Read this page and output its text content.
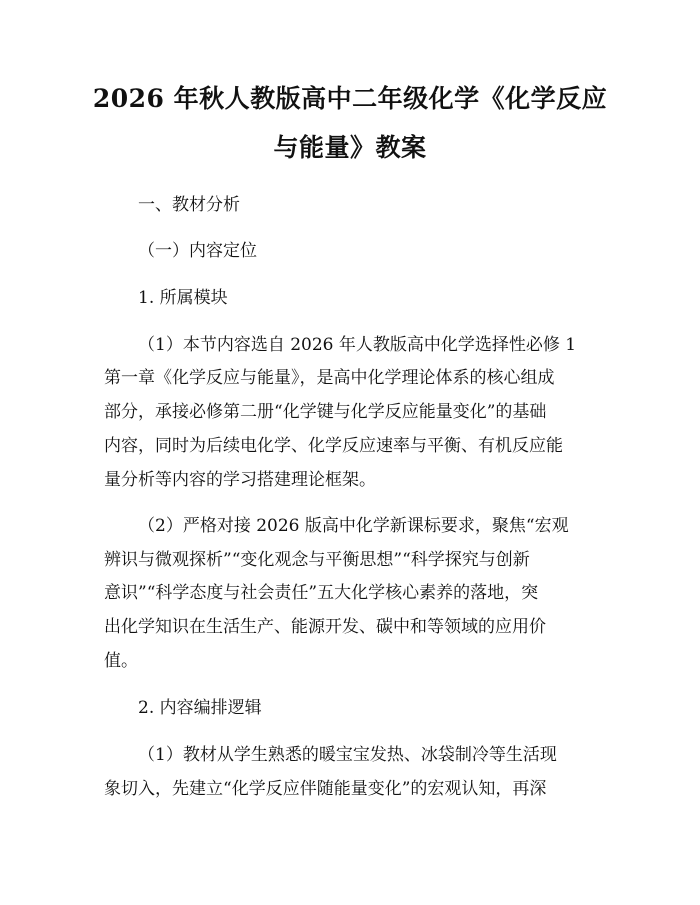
2026 年秋人教版高中二年级化学《化学反应
与能量》教案

一、教材分析

（一）内容定位

1. 所属模块

（1）本节内容选自 2026 年人教版高中化学选择性必修 1

第一章《化学反应与能量》，是高中化学理论体系的核心组成

部分，承接必修第二册“化学键与化学反应能量变化”的基础

内容，同时为后续电化学、化学反应速率与平衡、有机反应能

量分析等内容的学习搭建理论框架。

（2）严格对接 2026 版高中化学新课标要求，聚焦“宏观

辨识与微观探析”“变化观念与平衡思想”“科学探究与创新

意识”“科学态度与社会责任”五大化学核心素养的落地，突

出化学知识在生活生产、能源开发、碳中和等领域的应用价

值。

2. 内容编排逻辑

（1）教材从学生熟悉的暖宝宝发热、冰袋制冷等生活现

象切入，先建立“化学反应伴随能量变化”的宏观认知，再深
